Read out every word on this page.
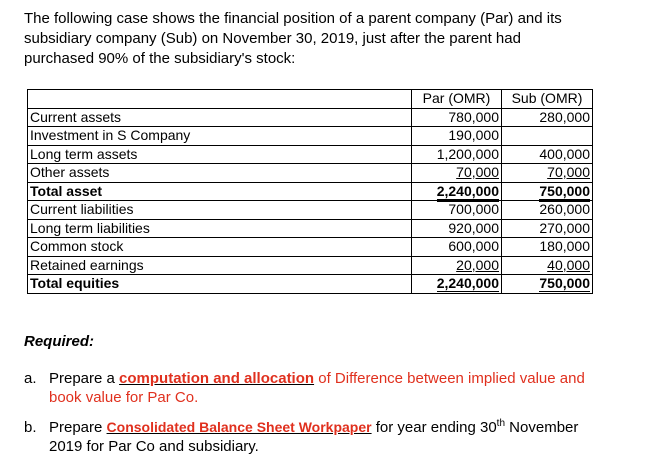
The following case shows the financial position of a parent company (Par) and its
subsidiary company (Sub) on November 30, 2019, just after the parent had
purchased 90% of the subsidiary's stock:
	Par (OMR)	Sub (OMR)
Current assets	780,000	280,000
Investment in S Company	190,000	
Long term assets	1,200,000	400,000
Other assets	70,000	70,000
Total asset	2,240,000	750,000
Current liabilities	700,000	260,000
Long term liabilities	920,000	270,000
Common stock	600,000	180,000
Retained earnings	20,000	40,000
Total equities	2,240,000	750,000
Required:
a. Prepare a computation and allocation of Difference between implied value and
book value for Par Co.
b. Prepare Consolidated Balance Sheet Workpaper for year ending 30th November
2019 for Par Co and subsidiary.
